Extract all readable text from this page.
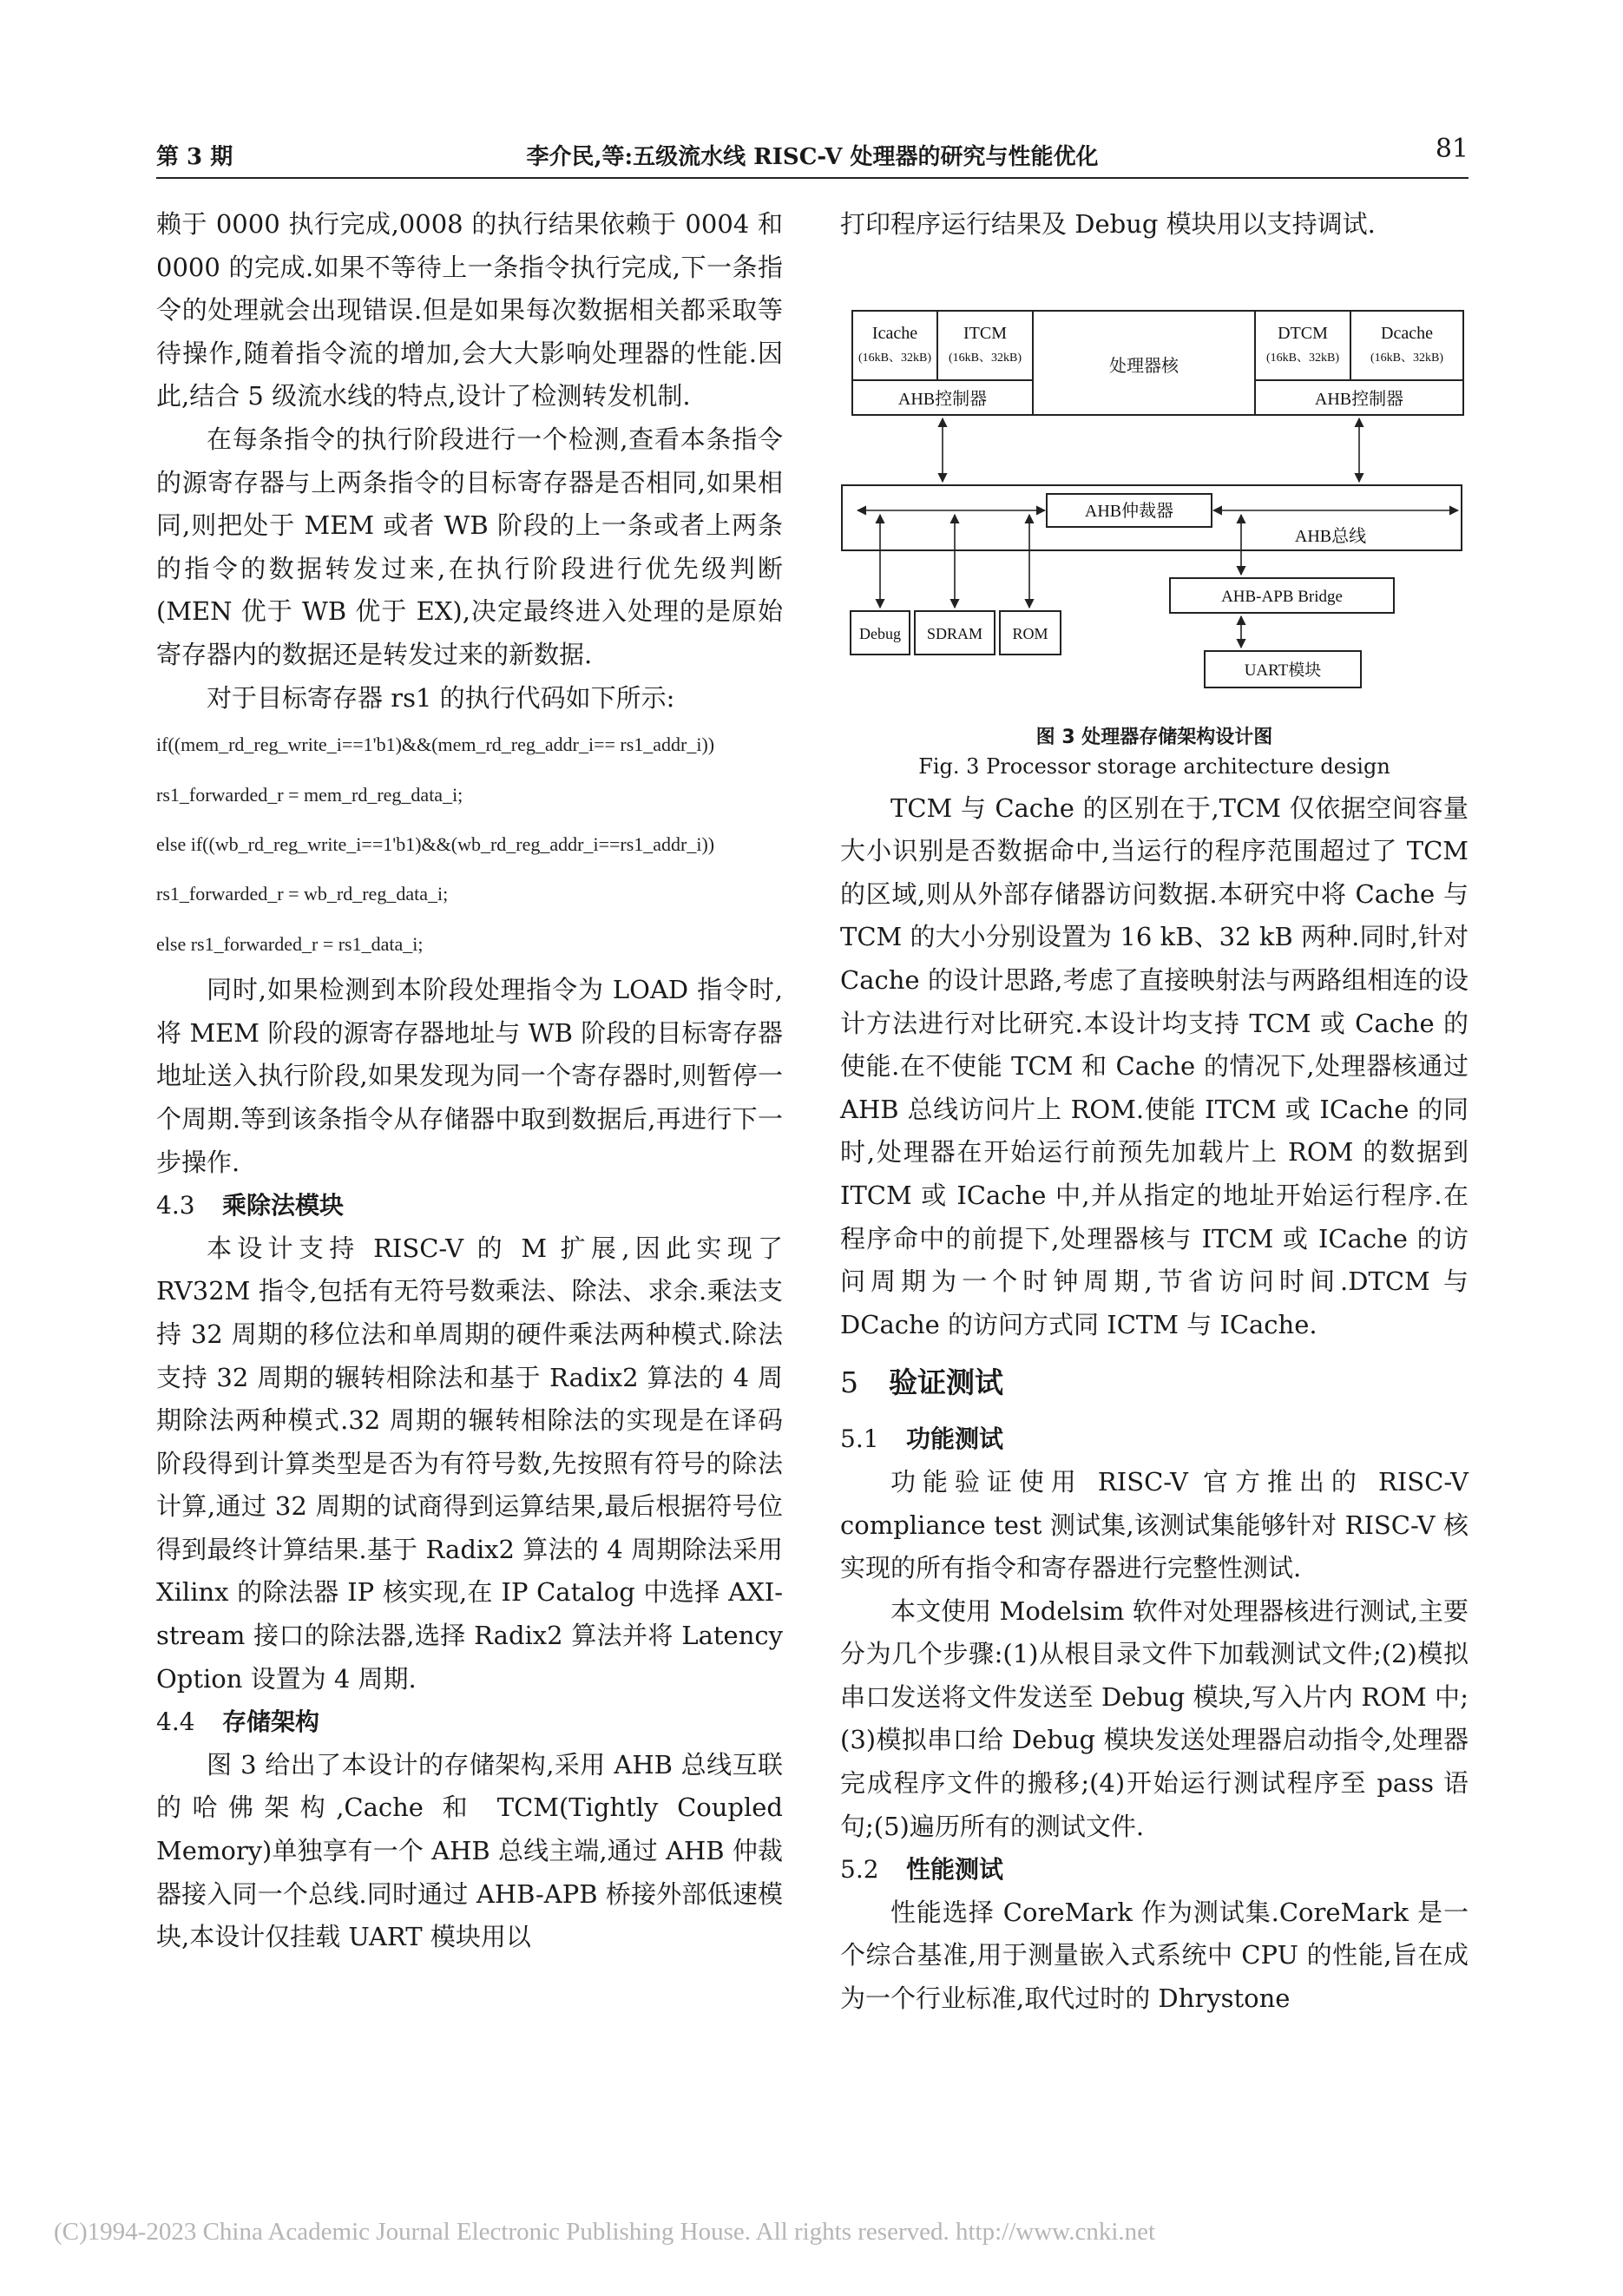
第 3 期	李介民,等:五级流水线 RISC-V 处理器的研究与性能优化	81

赖于 0000 执行完成,0008 的执行结果依赖于 0004 和 0000 的完成.如果不等待上一条指令执行完成,下一条指令的处理就会出现错误.但是如果每次数据相关都采取等待操作,随着指令流的增加,会大大影响处理器的性能.因此,结合 5 级流水线的特点,设计了检测转发机制.

在每条指令的执行阶段进行一个检测,查看本条指令的源寄存器与上两条指令的目标寄存器是否相同,如果相同,则把处于 MEM 或者 WB 阶段的上一条或者上两条的指令的数据转发过来,在执行阶段进行优先级判断(MEN 优于 WB 优于 EX),决定最终进入处理的是原始寄存器内的数据还是转发过来的新数据.

对于目标寄存器 rs1 的执行代码如下所示:

if((mem_rd_reg_write_i==1'b1)&&(mem_rd_reg_addr_i== rs1_addr_i))

rs1_forwarded_r = mem_rd_reg_data_i;

else if((wb_rd_reg_write_i==1'b1)&&(wb_rd_reg_addr_i==rs1_addr_i))

rs1_forwarded_r = wb_rd_reg_data_i;

else rs1_forwarded_r = rs1_data_i;

同时,如果检测到本阶段处理指令为 LOAD 指令时,将 MEM 阶段的源寄存器地址与 WB 阶段的目标寄存器地址送入执行阶段,如果发现为同一个寄存器时,则暂停一个周期.等到该条指令从存储器中取到数据后,再进行下一步操作.

4.3 乘除法模块

本设计支持 RISC-V 的 M 扩展,因此实现了 RV32M 指令,包括有无符号数乘法、除法、求余.乘法支持 32 周期的移位法和单周期的硬件乘法两种模式.除法支持 32 周期的辗转相除法和基于 Radix2 算法的 4 周期除法两种模式.32 周期的辗转相除法的实现是在译码阶段得到计算类型是否为有符号数,先按照有符号的除法计算,通过 32 周期的试商得到运算结果,最后根据符号位得到最终计算结果.基于 Radix2 算法的 4 周期除法采用 Xilinx 的除法器 IP 核实现,在 IP Catalog 中选择 AXI-stream 接口的除法器,选择 Radix2 算法并将 Latency Option 设置为 4 周期.

4.4 存储架构

图 3 给出了本设计的存储架构,采用 AHB 总线互联的哈佛架构,Cache 和 TCM(Tightly Coupled Memory)单独享有一个 AHB 总线主端,通过 AHB 仲裁器接入同一个总线.同时通过 AHB-APB 桥接外部低速模块,本设计仅挂载 UART 模块用以

打印程序运行结果及 Debug 模块用以支持调试.

Icache
(16kB、32kB)
ITCM
(16kB、32kB)	处理器核
DTCM
(16kB、32kB)
Dcache
(16kB、32kB)
AHB控制器	AHB控制器
AHB仲裁器
AHB总线
Debug SDRAM ROM
AHB-APB Bridge
UART模块
图 3 处理器存储架构设计图
Fig. 3 Processor storage architecture design

TCM 与 Cache 的区别在于,TCM 仅依据空间容量大小识别是否数据命中,当运行的程序范围超过了 TCM 的区域,则从外部存储器访问数据.本研究中将 Cache 与 TCM 的大小分别设置为 16 kB、32 kB 两种.同时,针对 Cache 的设计思路,考虑了直接映射法与两路组相连的设计方法进行对比研究.本设计均支持 TCM 或 Cache 的使能.在不使能 TCM 和 Cache 的情况下,处理器核通过 AHB 总线访问片上 ROM.使能 ITCM 或 ICache 的同时,处理器在开始运行前预先加载片上 ROM 的数据到 ITCM 或 ICache 中,并从指定的地址开始运行程序.在程序命中的前提下,处理器核与 ITCM 或 ICache 的访问周期为一个时钟周期,节省访问时间.DTCM 与 DCache 的访问方式同 ICTM 与 ICache.

5 验证测试

5.1 功能测试

功能验证使用 RISC-V 官方推出的 RISC-V compliance test 测试集,该测试集能够针对 RISC-V 核实现的所有指令和寄存器进行完整性测试.

本文使用 Modelsim 软件对处理器核进行测试,主要分为几个步骤:(1)从根目录文件下加载测试文件;(2)模拟串口发送将文件发送至 Debug 模块,写入片内 ROM 中;(3)模拟串口给 Debug 模块发送处理器启动指令,处理器完成程序文件的搬移;(4)开始运行测试程序至 pass 语句;(5)遍历所有的测试文件.

5.2 性能测试

性能选择 CoreMark 作为测试集.CoreMark 是一个综合基准,用于测量嵌入式系统中 CPU 的性能,旨在成为一个行业标准,取代过时的 Dhrystone

(C)1994-2023 China Academic Journal Electronic Publishing House. All rights reserved. http://www.cnki.net
